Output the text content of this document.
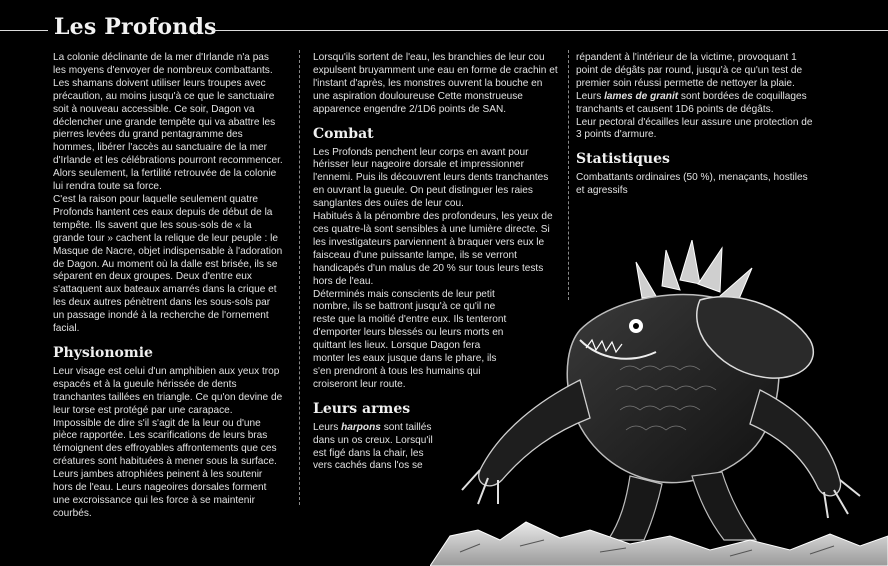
Les Profonds

La colonie déclinante de la mer d'Irlande n'a pas les moyens d'envoyer de nombreux combattants. Les shamans doivent utiliser leurs troupes avec précaution, au moins jusqu'à ce que le sanctuaire soit à nouveau accessible. Ce soir, Dagon va déclencher une grande tempête qui va abattre les pierres levées du grand pentagramme des hommes, libérer l'accès au sanctuaire de la mer d'Irlande et les célébrations pourront recommencer. Alors seulement, la fertilité retrouvée de la colonie lui rendra toute sa force.

C'est la raison pour laquelle seulement quatre Profonds hantent ces eaux depuis de début de la tempête. Ils savent que les sous-sols de « la grande tour » cachent la relique de leur peuple : le Masque de Nacre, objet indispensable à l'adoration de Dagon. Au moment où la dalle est brisée, ils se séparent en deux groupes. Deux d'entre eux s'attaquent aux bateaux amarrés dans la crique et les deux autres pénètrent dans les sous-sols par un passage inondé à la recherche de l'ornement facial.

Physionomie

Leur visage est celui d'un amphibien aux yeux trop espacés et à la gueule hérissée de dents tranchantes taillées en triangle. Ce qu'on devine de leur torse est protégé par une carapace. Impossible de dire s'il s'agit de la leur ou d'une pièce rapportée. Les scarifications de leurs bras témoignent des effroyables affrontements que ces créatures sont habituées à mener sous la surface. Leurs jambes atrophiées peinent à les soutenir hors de l'eau. Leurs nageoires dorsales forment une excroissance qui les force à se maintenir courbés.

Lorsqu'ils sortent de l'eau, les branchies de leur cou expulsent bruyamment une eau en forme de crachin et l'instant d'après, les monstres ouvrent la bouche en une aspiration douloureuse Cette monstrueuse apparence engendre 2/1D6 points de SAN.

Combat

Les Profonds penchent leur corps en avant pour hérisser leur nageoire dorsale et impressionner l'ennemi. Puis ils découvrent leurs dents tranchantes en ouvrant la gueule. On peut distinguer les raies sanglantes des ouïes de leur cou.

Habitués à la pénombre des profondeurs, les yeux de ces quatre-là sont sensibles à une lumière directe. Si les investigateurs parviennent à braquer vers eux le faisceau d'une puissante lampe, ils se verront handicapés d'un malus de 20 % sur tous leurs tests hors de l'eau.

Déterminés mais conscients de leur petit nombre, ils se battront jusqu'à ce qu'il ne reste que la moitié d'entre eux. Ils tenteront d'emporter leurs blessés ou leurs morts en quittant les lieux. Lorsque Dagon fera monter les eaux jusque dans le phare, ils s'en prendront à tous les humains qui croiseront leur route.

Leurs armes

Leurs harpons sont taillés dans un os creux. Lorsqu'il est figé dans la chair, les vers cachés dans l'os se

répandent à l'intérieur de la victime, provoquant 1 point de dégâts par round, jusqu'à ce qu'un test de premier soin réussi permette de nettoyer la plaie.

Leurs lames de granit sont bordées de coquillages tranchants et causent 1D6 points de dégâts.

Leur pectoral d'écailles leur assure une protection de 3 points d'armure.

Statistiques

Combattants ordinaires (50 %), menaçants, hostiles et agressifs
